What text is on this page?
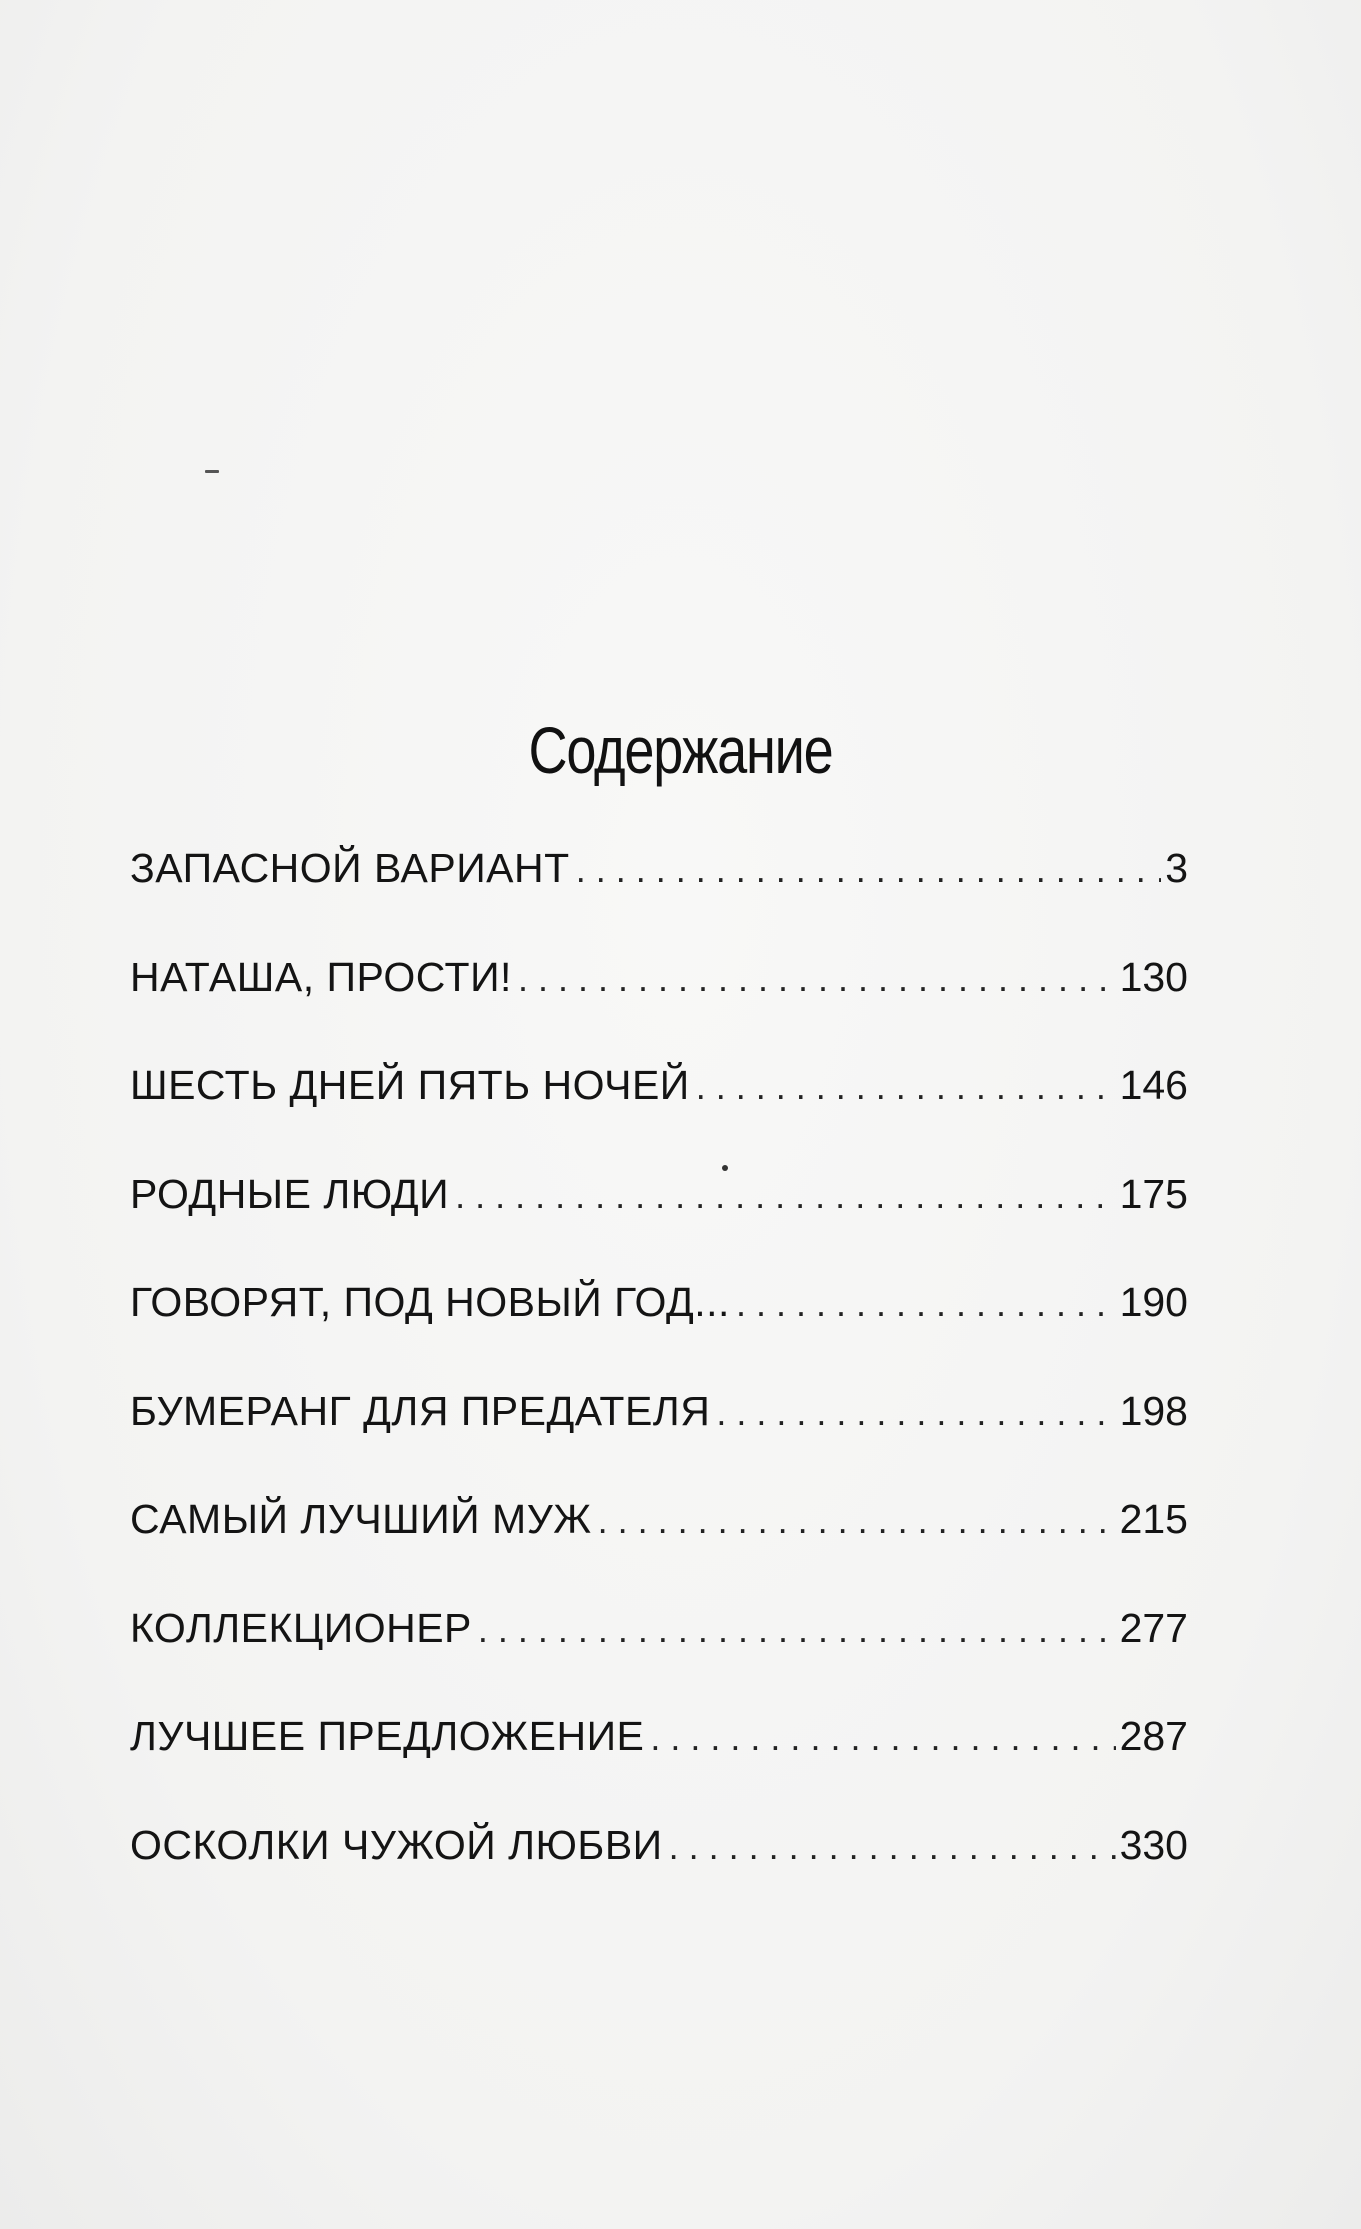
Содержание
ЗАПАСНОЙ ВАРИАНТ . . .	3
НАТАША, ПРОСТИ! . . .	130
ШЕСТЬ ДНЕЙ ПЯТЬ НОЧЕЙ . . .	146
РОДНЫЕ ЛЮДИ . . .	175
ГОВОРЯТ, ПОД НОВЫЙ ГОД... . . .	190
БУМЕРАНГ ДЛЯ ПРЕДАТЕЛЯ . . .	198
САМЫЙ ЛУЧШИЙ МУЖ . . .	215
КОЛЛЕКЦИОНЕР . . .	277
ЛУЧШЕЕ ПРЕДЛОЖЕНИЕ . . .	287
ОСКОЛКИ ЧУЖОЙ ЛЮБВИ . . .	330
